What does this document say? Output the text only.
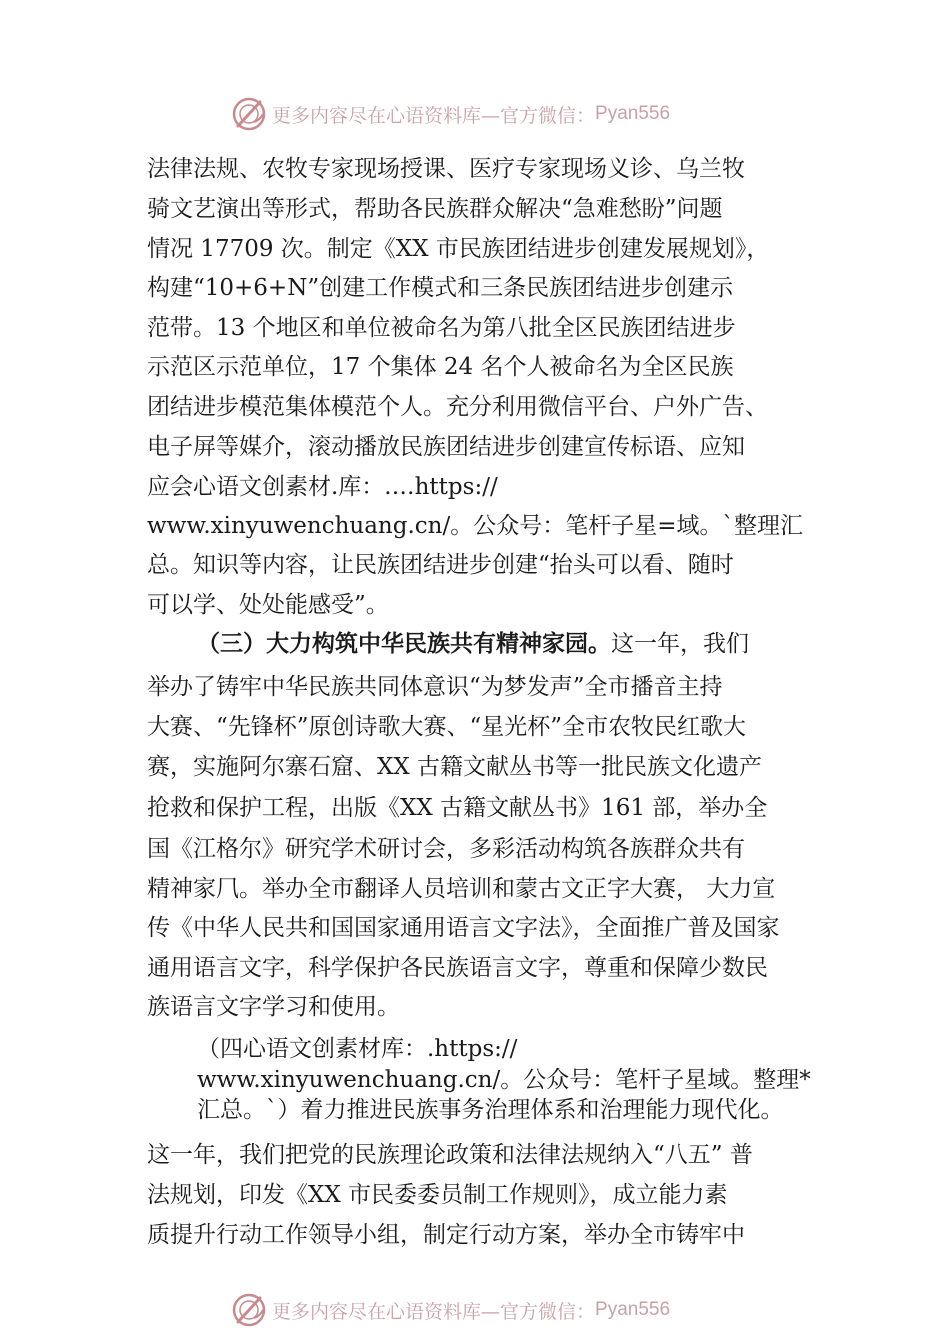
更多内容尽在心语资料库—官方微信： Pyan556
法律法规、农牧专家现场授课、医疗专家现场义诊、乌兰牧
骑文艺演出等形式，帮助各民族群众解决“急难愁盼”问题
情况 17709 次。制定《XX 市民族团结进步创建发展规划》，
构建“10+6+N”创建工作模式和三条民族团结进步创建示
范带。13 个地区和单位被命名为第八批全区民族团结进步
示范区示范单位，17 个集体 24 名个人被命名为全区民族
团结进步模范集体模范个人。充分利用微信平台、户外广告、
电子屏等媒介，滚动播放民族团结进步创建宣传标语、应知
应会心语文创素材.库：.…https://
www.xinyuwenchuang.cn/。公众号：笔杆子星=域。`整理汇
总。知识等内容，让民族团结进步创建“抬头可以看、随时
可以学、处处能感受”。
（三）大力构筑中华民族共有精神家园。这一年，我们
举办了铸牢中华民族共同体意识“为梦发声”全市播音主持
大赛、“先锋杯”原创诗歌大赛、“星光杯”全市农牧民红歌大
赛，实施阿尔寨石窟、XX 古籍文献丛书等一批民族文化遗产
抢救和保护工程，出版《XX 古籍文献丛书》161 部，举办全
国《江格尔》研究学术研讨会，多彩活动构筑各族群众共有
精神家⺇。举办全市翻译人员培训和蒙古文正字大赛， 大力宣
传《中华人民共和国国家通用语言文字法》，全面推广普及国家
通用语言文字，科学保护各民族语言文字，尊重和保障少数民
族语言文字学习和使用。
（四心语文创素材库：.https://
www.xinyuwenchuang.cn/。公众号：笔杆子星域。整理*
汇总。`）着力推进民族事务治理体系和治理能力现代化。
这一年，我们把党的民族理论政策和法律法规纳入“八五” 普
法规划，印发《XX 市民委委员制工作规则》，成立能力素
质提升行动工作领导小组，制定行动方案，举办全市铸牢中
更多内容尽在心语资料库—官方微信： Pyan556
